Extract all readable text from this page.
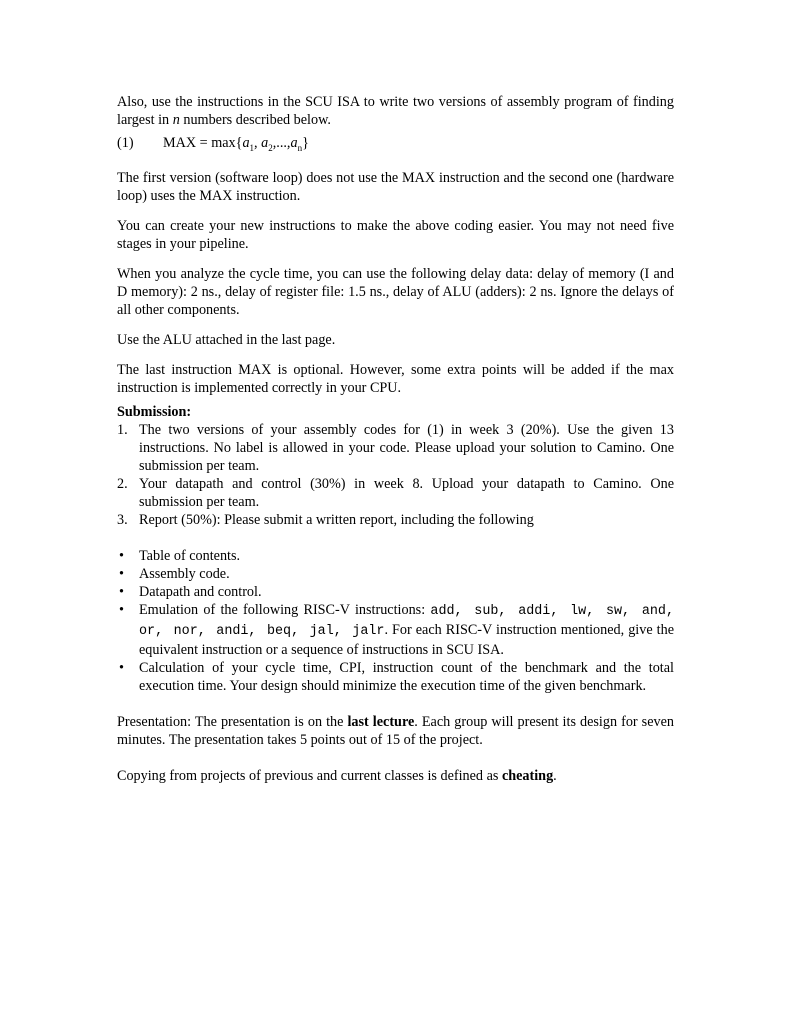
Also, use the instructions in the SCU ISA to write two versions of assembly program of finding largest in n numbers described below.

(1)	MAX = $\max\{a_1$, $a_2,...,a_n$}

The first version (software loop) does not use the MAX instruction and the second one (hardware loop) uses the MAX instruction.

You can create your new instructions to make the above coding easier. You may not need five stages in your pipeline.

When you analyze the cycle time, you can use the following delay data: delay of memory (I and D memory): 2 ns., delay of register file: 1.5 ns., delay of ALU (adders): 2 ns. Ignore the delays of all other components.

Use the ALU attached in the last page.

The last instruction MAX is optional. However, some extra points will be added if the max instruction is implemented correctly in your CPU.

Submission:
1. The two versions of your assembly codes for (1) in week 3 (20%). Use the given 13 instructions. No label is allowed in your code. Please upload your solution to Camino. One submission per team.
2. Your datapath and control (30%) in week 8. Upload your datapath to Camino. One submission per team.
3. Report (50%): Please submit a written report, including the following
• Table of contents.
• Assembly code.
• Datapath and control.
• Emulation of the following RISC-V instructions: add, sub, addi, lw, sw, and, or, nor, andi, beq, jal, jalr. For each RISC-V instruction mentioned, give the equivalent instruction or a sequence of instructions in SCU ISA.
• Calculation of your cycle time, CPI, instruction count of the benchmark and the total execution time. Your design should minimize the execution time of the given benchmark.

Presentation: The presentation is on the last lecture. Each group will present its design for seven minutes. The presentation takes 5 points out of 15 of the project.

Copying from projects of previous and current classes is defined as cheating.
